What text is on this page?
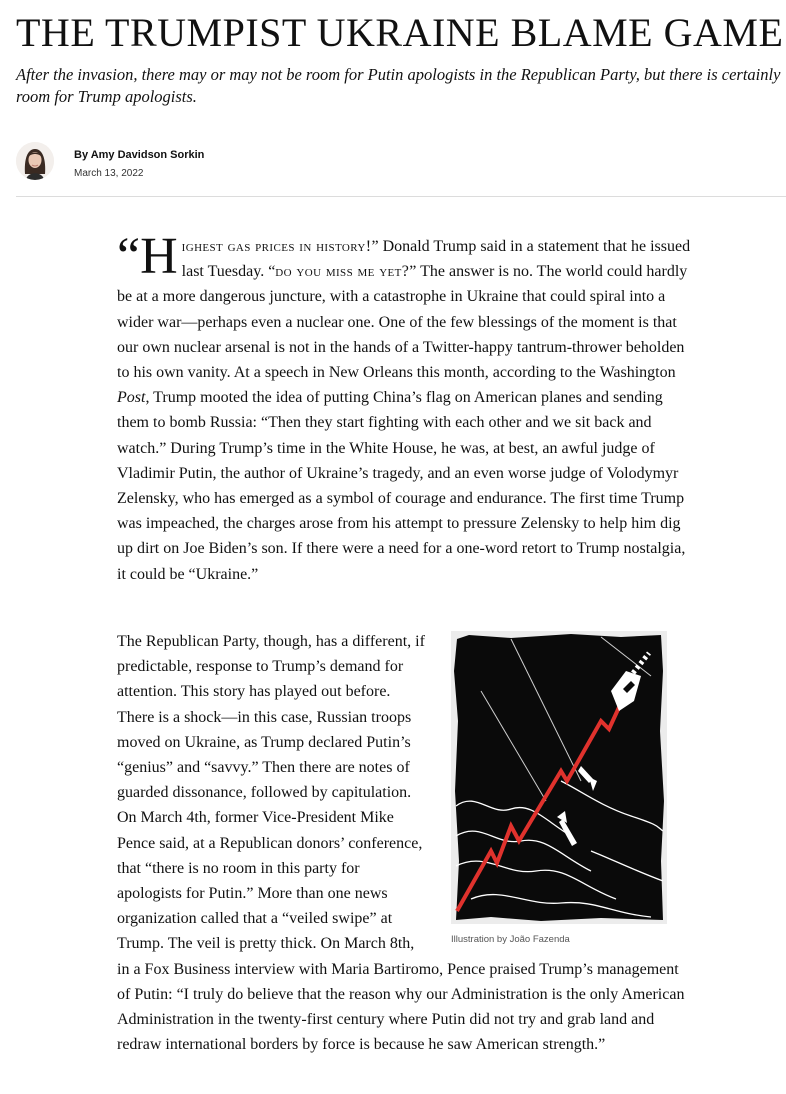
THE TRUMPIST UKRAINE BLAME GAME

After the invasion, there may or may not be room for Putin apologists in the Republican Party, but there is certainly room for Trump apologists.

By Amy Davidson Sorkin
March 13, 2022

“H ighest gas prices in history!” Donald Trump said in a statement that he issued last Tuesday. “do you miss me yet?” The answer is no. The world could hardly be at a more dangerous juncture, with a catastrophe in Ukraine that could spiral into a wider war—perhaps even a nuclear one. One of the few blessings of the moment is that our own nuclear arsenal is not in the hands of a Twitter-happy tantrum-thrower beholden to his own vanity. At a speech in New Orleans this month, according to the Washington Post, Trump mooted the idea of putting China’s flag on American planes and sending them to bomb Russia: “Then they start fighting with each other and we sit back and watch.” During Trump’s time in the White House, he was, at best, an awful judge of Vladimir Putin, the author of Ukraine’s tragedy, and an even worse judge of Volodymyr Zelensky, who has emerged as a symbol of courage and endurance. The first time Trump was impeached, the charges arose from his attempt to pressure Zelensky to help him dig up dirt on Joe Biden’s son. If there were a need for a one-word retort to Trump nostalgia, it could be “Ukraine.”

The Republican Party, though, has a different, if predictable, response to Trump’s demand for attention. This story has played out before. There is a shock—in this case, Russian troops moved on Ukraine, as Trump declared Putin’s “genius” and “savvy.” Then there are notes of guarded dissonance, followed by capitulation. On March 4th, former Vice-President Mike Pence said, at a Republican donors’ conference, that “there is no room in this party for apologists for Putin.” More than one news organization called that a “veiled swipe” at Trump. The veil is pretty thick. On March 8th, in a Fox Business interview with Maria Bartiromo, Pence praised Trump’s management of Putin: “I truly do believe that the reason why our Administration is the only American Administration in the twenty-first century where Putin did not try and grab land and redraw international borders by force is because he saw American strength.”

Illustration by João Fazenda
